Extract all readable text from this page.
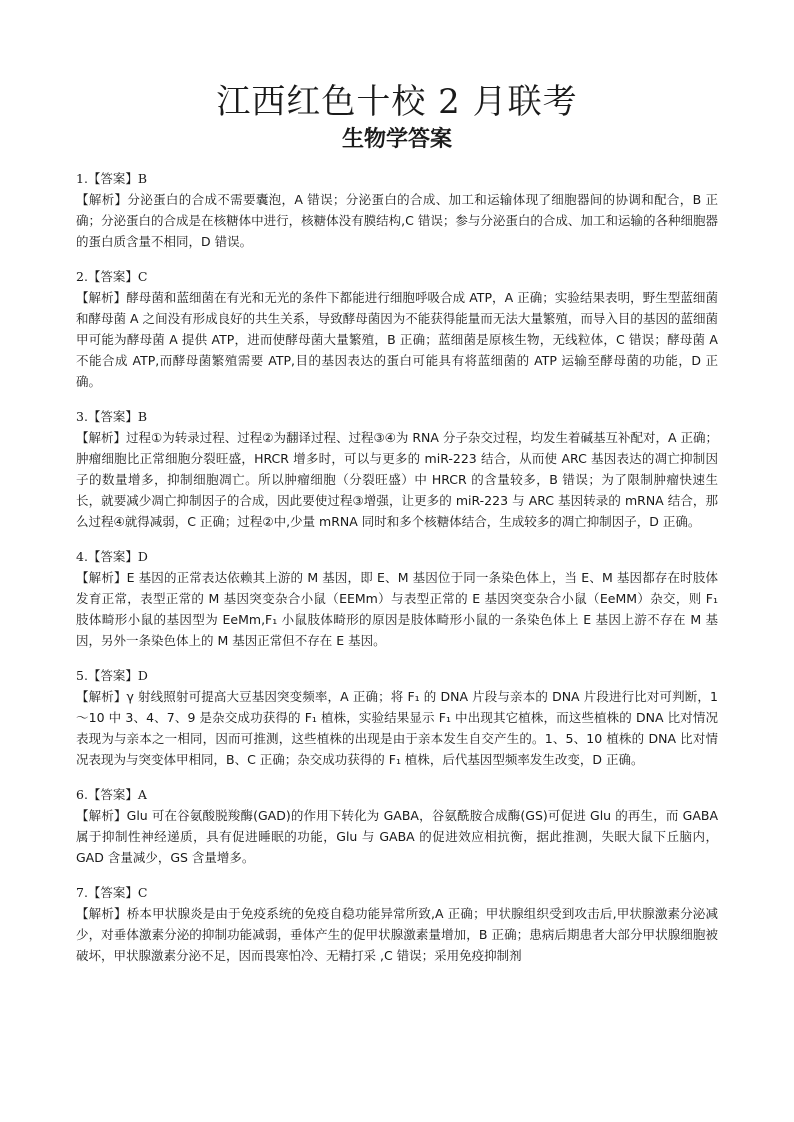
江西红色十校 2 月联考
生物学答案
1.【答案】B
【解析】分泌蛋白的合成不需要囊泡，A 错误；分泌蛋白的合成、加工和运输体现了细胞器间的协调和配合，B 正确；分泌蛋白的合成是在核糖体中进行，核糖体没有膜结构,C 错误；参与分泌蛋白的合成、加工和运输的各种细胞器的蛋白质含量不相同，D 错误。
2.【答案】C
【解析】酵母菌和蓝细菌在有光和无光的条件下都能进行细胞呼吸合成 ATP，A 正确；实验结果表明，野生型蓝细菌和酵母菌 A 之间没有形成良好的共生关系，导致酵母菌因为不能获得能量而无法大量繁殖，而导入目的基因的蓝细菌甲可能为酵母菌 A 提供 ATP，进而使酵母菌大量繁殖，B 正确；蓝细菌是原核生物，无线粒体，C 错误；酵母菌 A 不能合成 ATP,而酵母菌繁殖需要 ATP,目的基因表达的蛋白可能具有将蓝细菌的 ATP 运输至酵母菌的功能，D 正确。
3.【答案】B
【解析】过程①为转录过程、过程②为翻译过程、过程③④为 RNA 分子杂交过程，均发生着碱基互补配对，A 正确；肿瘤细胞比正常细胞分裂旺盛，HRCR 增多时，可以与更多的 miR-223 结合，从而使 ARC 基因表达的凋亡抑制因子的数量增多，抑制细胞凋亡。所以肿瘤细胞（分裂旺盛）中 HRCR 的含量较多，B 错误；为了限制肿瘤快速生长，就要减少凋亡抑制因子的合成，因此要使过程③增强，让更多的 miR-223 与 ARC 基因转录的 mRNA 结合，那么过程④就得减弱，C 正确；过程②中,少量 mRNA 同时和多个核糖体结合，生成较多的凋亡抑制因子，D 正确。
4.【答案】D
【解析】E 基因的正常表达依赖其上游的 M 基因，即 E、M 基因位于同一条染色体上，当 E、M 基因都存在时肢体发育正常，表型正常的 M 基因突变杂合小鼠（EEMm）与表型正常的 E 基因突变杂合小鼠（EeMM）杂交，则 F₁ 肢体畸形小鼠的基因型为 EeMm,F₁ 小鼠肢体畸形的原因是肢体畸形小鼠的一条染色体上 E 基因上游不存在 M 基因，另外一条染色体上的 M 基因正常但不存在 E 基因。
5.【答案】D
【解析】γ 射线照射可提高大豆基因突变频率，A 正确；将 F₁ 的 DNA 片段与亲本的 DNA 片段进行比对可判断，1～10 中 3、4、7、9 是杂交成功获得的 F₁ 植株，实验结果显示 F₁ 中出现其它植株，而这些植株的 DNA 比对情况表现为与亲本之一相同，因而可推测，这些植株的出现是由于亲本发生自交产生的。1、5、10 植株的 DNA 比对情况表现为与突变体甲相同，B、C 正确；杂交成功获得的 F₁ 植株，后代基因型频率发生改变，D 正确。
6.【答案】A
【解析】Glu 可在谷氨酸脱羧酶(GAD)的作用下转化为 GABA，谷氨酰胺合成酶(GS)可促进 Glu 的再生，而 GABA 属于抑制性神经递质，具有促进睡眠的功能，Glu 与 GABA 的促进效应相抗衡，据此推测，失眠大鼠下丘脑内，GAD 含量减少，GS 含量增多。
7.【答案】C
【解析】桥本甲状腺炎是由于免疫系统的免疫自稳功能异常所致,A 正确；甲状腺组织受到攻击后,甲状腺激素分泌减少，对垂体激素分泌的抑制功能减弱，垂体产生的促甲状腺激素量增加，B 正确；患病后期患者大部分甲状腺细胞被破坏，甲状腺激素分泌不足，因而畏寒怕冷、无精打采 ,C 错误；采用免疫抑制剂
